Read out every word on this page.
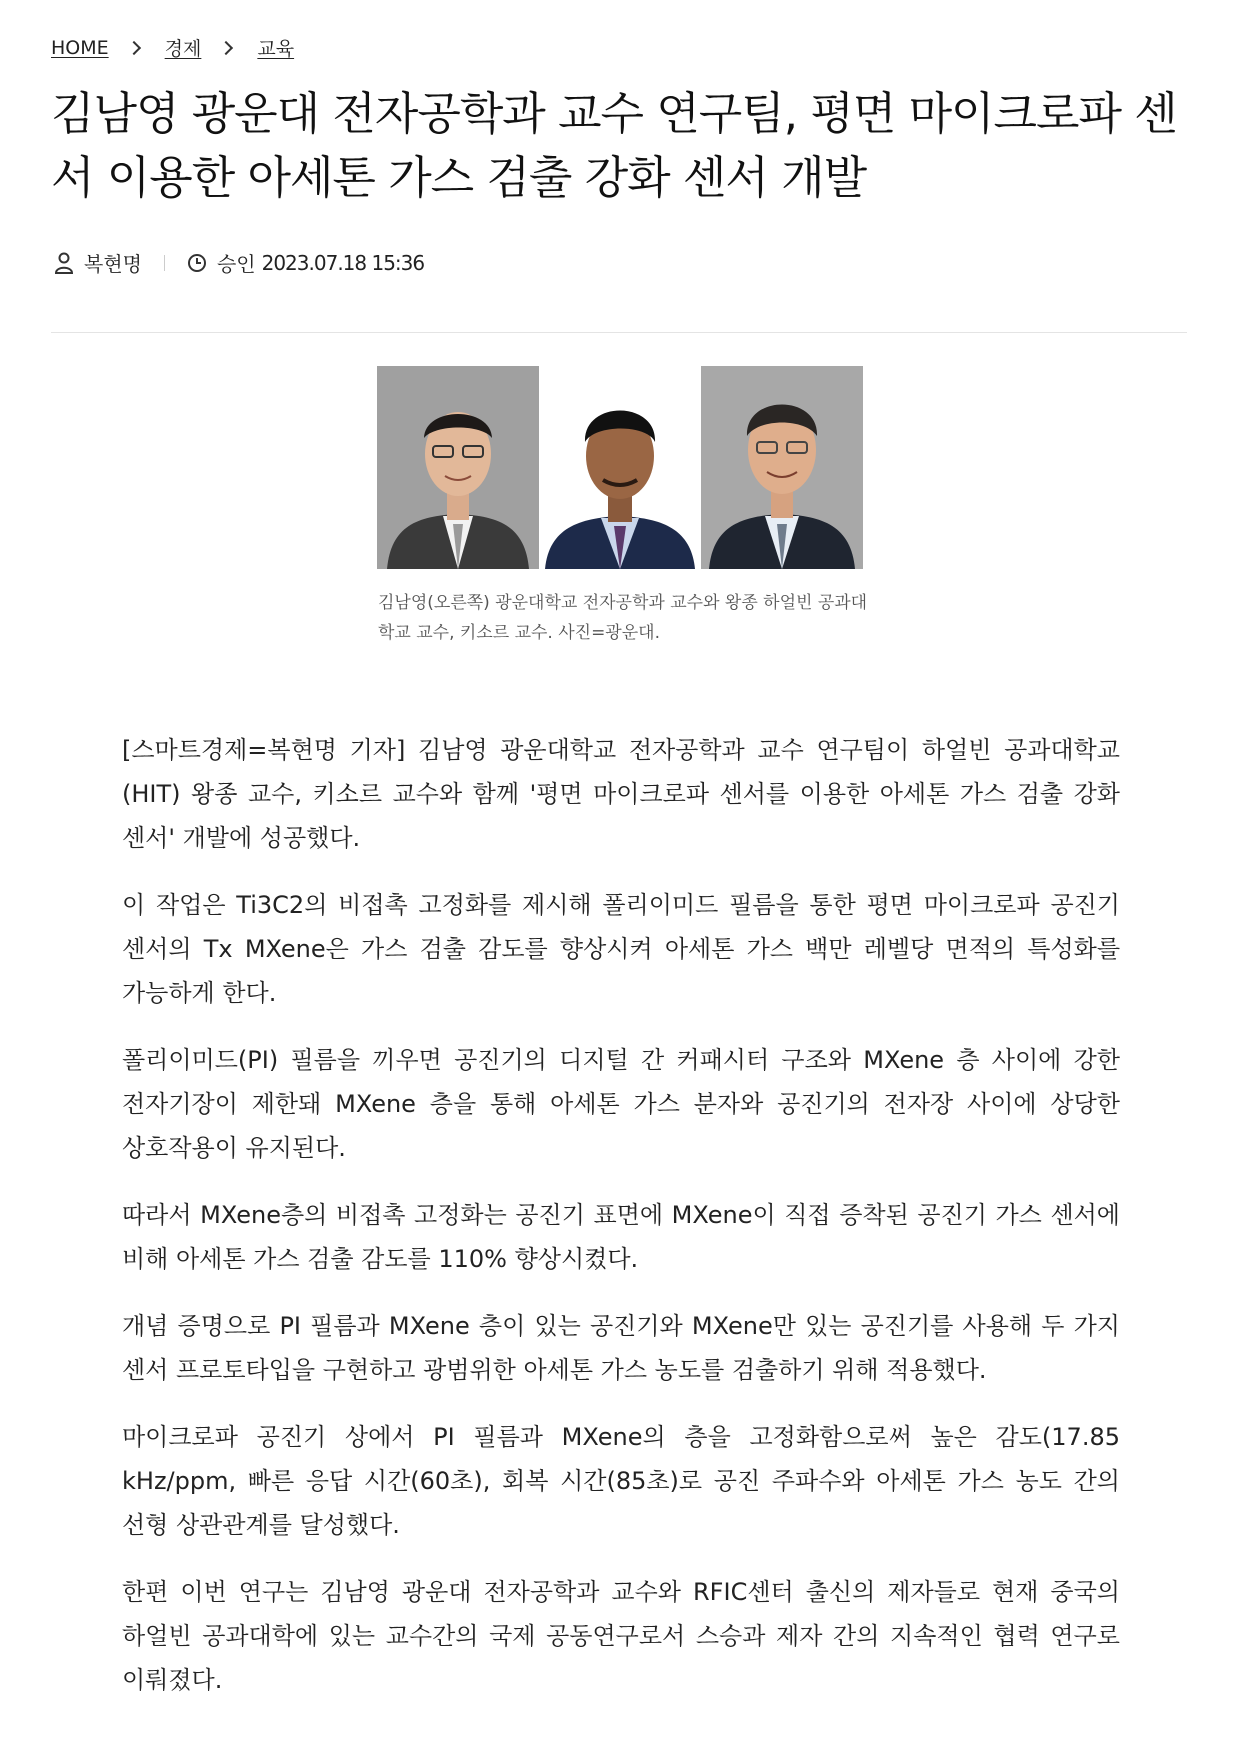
HOME	경제	교육
김남영 광운대 전자공학과 교수 연구팀, 평면 마이크로파 센서 이용한 아세톤 가스 검출 강화 센서 개발
복현명	승인 2023.07.18 15:36

김남영(오른쪽) 광운대학교 전자공학과 교수와 왕종 하얼빈 공과대학교 교수, 키소르 교수. 사진=광운대.

[스마트경제=복현명 기자] 김남영 광운대학교 전자공학과 교수 연구팀이 하얼빈 공과대학교(HIT) 왕종 교수, 키소르 교수와 함께 '평면 마이크로파 센서를 이용한 아세톤 가스 검출 강화 센서' 개발에 성공했다.

이 작업은 Ti3C2의 비접촉 고정화를 제시해 폴리이미드 필름을 통한 평면 마이크로파 공진기 센서의 Tx MXene은 가스 검출 감도를 향상시켜 아세톤 가스 백만 레벨당 면적의 특성화를 가능하게 한다.

폴리이미드(PI) 필름을 끼우면 공진기의 디지털 간 커패시터 구조와 MXene 층 사이에 강한 전자기장이 제한돼 MXene 층을 통해 아세톤 가스 분자와 공진기의 전자장 사이에 상당한 상호작용이 유지된다.

따라서 MXene층의 비접촉 고정화는 공진기 표면에 MXene이 직접 증착된 공진기 가스 센서에 비해 아세톤 가스 검출 감도를 110% 향상시켰다.

개념 증명으로 PI 필름과 MXene 층이 있는 공진기와 MXene만 있는 공진기를 사용해 두 가지 센서 프로토타입을 구현하고 광범위한 아세톤 가스 농도를 검출하기 위해 적용했다.

마이크로파 공진기 상에서 PI 필름과 MXene의 층을 고정화함으로써 높은 감도(17.85 kHz/ppm, 빠른 응답 시간(60초), 회복 시간(85초)로 공진 주파수와 아세톤 가스 농도 간의 선형 상관관계를 달성했다.

한편 이번 연구는 김남영 광운대 전자공학과 교수와 RFIC센터 출신의 제자들로 현재 중국의 하얼빈 공과대학에 있는 교수간의 국제 공동연구로서 스승과 제자 간의 지속적인 협력 연구로 이뤄졌다.
